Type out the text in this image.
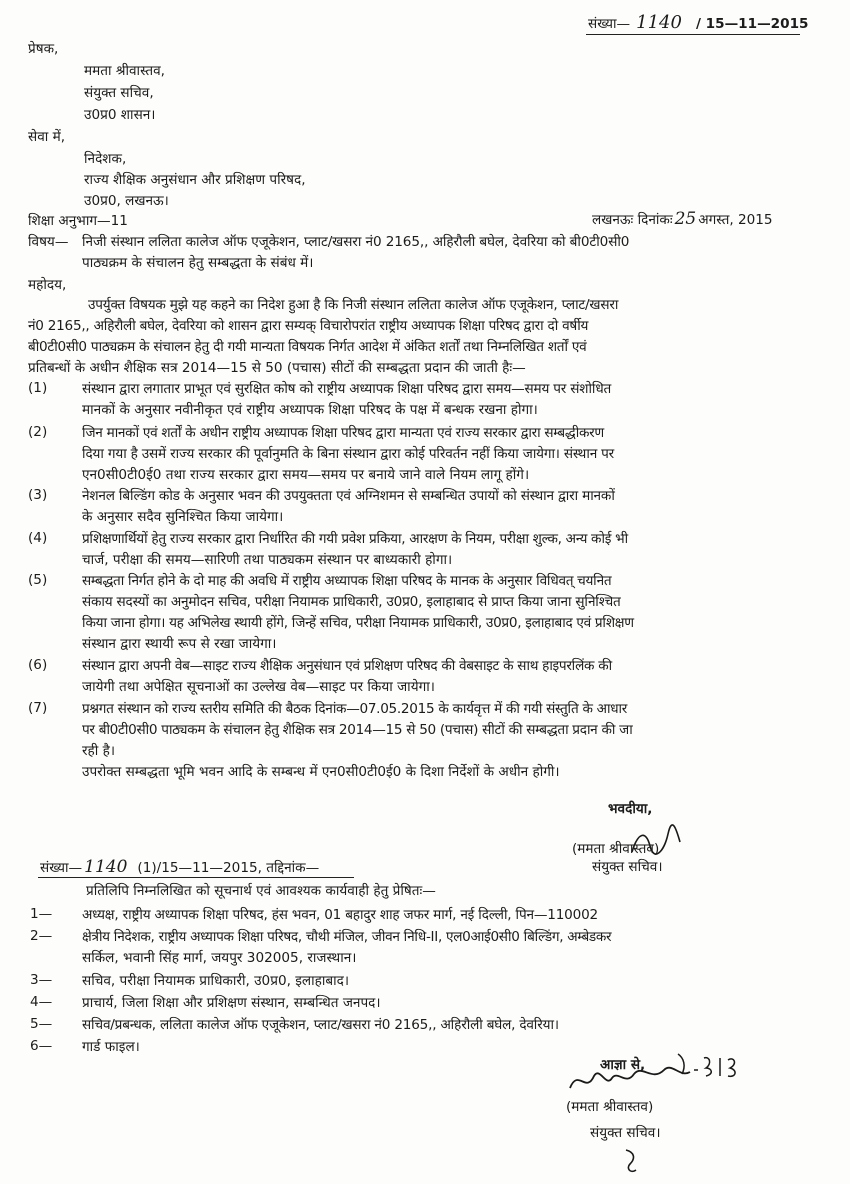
संख्या— 1140 / 15—11—2015
प्रेषक,
ममता श्रीवास्तव,
संयुक्त सचिव,
उ0प्र0 शासन।
सेवा में,
निदेशक,
राज्य शैक्षिक अनुसंधान और प्रशिक्षण परिषद,
उ0प्र0, लखनऊ।
शिक्षा अनुभाग—11	लखनऊः दिनांकः 25 अगस्त, 2015
विषय— निजी संस्थान ललिता कालेज ऑफ एजूकेशन, प्लाट/खसरा नं0 2165,, अहिरौली बघेल, देवरिया को बी0टी0सी0
पाठ्यक्रम के संचालन हेतु सम्बद्धता के संबंध में।
महोदय,
उपर्युक्त विषयक मुझे यह कहने का निदेश हुआ है कि निजी संस्थान ललिता कालेज ऑफ एजूकेशन, प्लाट/खसरा
नं0 2165,, अहिरौली बघेल, देवरिया को शासन द्वारा सम्यक् विचारोपरांत राष्ट्रीय अध्यापक शिक्षा परिषद द्वारा दो वर्षीय
बी0टी0सी0 पाठ्यक्रम के संचालन हेतु दी गयी मान्यता विषयक निर्गत आदेश में अंकित शर्तों तथा निम्नलिखित शर्तों एवं
प्रतिबन्धों के अधीन शैक्षिक सत्र 2014—15 से 50 (पचास) सीटों की सम्बद्धता प्रदान की जाती हैः—
(1)	संस्थान द्वारा लगातार प्राभूत एवं सुरक्षित कोष को राष्ट्रीय अध्यापक शिक्षा परिषद द्वारा समय—समय पर संशोधित
मानकों के अनुसार नवीनीकृत एवं राष्ट्रीय अध्यापक शिक्षा परिषद के पक्ष में बन्धक रखना होगा।
(2)	जिन मानकों एवं शर्तों के अधीन राष्ट्रीय अध्यापक शिक्षा परिषद द्वारा मान्यता एवं राज्य सरकार द्वारा सम्बद्धीकरण
दिया गया है उसमें राज्य सरकार की पूर्वानुमति के बिना संस्थान द्वारा कोई परिवर्तन नहीं किया जायेगा। संस्थान पर
एन0सी0टी0ई0 तथा राज्य सरकार द्वारा समय—समय पर बनाये जाने वाले नियम लागू होंगे।
(3)	नेशनल बिल्डिंग कोड के अनुसार भवन की उपयुक्तता एवं अग्निशमन से सम्बन्धित उपायों को संस्थान द्वारा मानकों
के अनुसार सदैव सुनिश्चित किया जायेगा।
(4)	प्रशिक्षणार्थियों हेतु राज्य सरकार द्वारा निर्धारित की गयी प्रवेश प्रकिया, आरक्षण के नियम, परीक्षा शुल्क, अन्य कोई भी
चार्ज, परीक्षा की समय—सारिणी तथा पाठ्यकम संस्थान पर बाध्यकारी होगा।
(5)	सम्बद्धता निर्गत होने के दो माह की अवधि में राष्ट्रीय अध्यापक शिक्षा परिषद के मानक के अनुसार विधिवत् चयनित
संकाय सदस्यों का अनुमोदन सचिव, परीक्षा नियामक प्राधिकारी, उ0प्र0, इलाहाबाद से प्राप्त किया जाना सुनिश्चित
किया जाना होगा। यह अभिलेख स्थायी होंगे, जिन्हें सचिव, परीक्षा नियामक प्राधिकारी, उ0प्र0, इलाहाबाद एवं प्रशिक्षण
संस्थान द्वारा स्थायी रूप से रखा जायेगा।
(6)	संस्थान द्वारा अपनी वेब—साइट राज्य शैक्षिक अनुसंधान एवं प्रशिक्षण परिषद की वेबसाइट के साथ हाइपरलिंक की
जायेगी तथा अपेक्षित सूचनाओं का उल्लेख वेब—साइट पर किया जायेगा।
(7)	प्रश्नगत संस्थान को राज्य स्तरीय समिति की बैठक दिनांक—07.05.2015 के कार्यवृत्त में की गयी संस्तुति के आधार
पर बी0टी0सी0 पाठ्यकम के संचालन हेतु शैक्षिक सत्र 2014—15 से 50 (पचास) सीटों की सम्बद्धता प्रदान की जा
रही है।
उपरोक्त सम्बद्धता भूमि भवन आदि के सम्बन्ध में एन0सी0टी0ई0 के दिशा निर्देशों के अधीन होगी।
भवदीया,
(ममता श्रीवास्तव)
संयुक्त सचिव।
संख्या— 1140 (1)/15—11—2015, तद्दिनांक—
प्रतिलिपि निम्नलिखित को सूचनार्थ एवं आवश्यक कार्यवाही हेतु प्रेषितः—
1— अध्यक्ष, राष्ट्रीय अध्यापक शिक्षा परिषद, हंस भवन, 01 बहादुर शाह जफर मार्ग, नई दिल्ली, पिन—110002
2— क्षेत्रीय निदेशक, राष्ट्रीय अध्यापक शिक्षा परिषद, चौथी मंजिल, जीवन निधि-II, एल0आई0सी0 बिल्डिंग, अम्बेडकर
सर्किल, भवानी सिंह मार्ग, जयपुर 302005, राजस्थान।
3— सचिव, परीक्षा नियामक प्राधिकारी, उ0प्र0, इलाहाबाद।
4— प्राचार्य, जिला शिक्षा और प्रशिक्षण संस्थान, सम्बन्धित जनपद।
5— सचिव/प्रबन्धक, ललिता कालेज ऑफ एजूकेशन, प्लाट/खसरा नं0 2165,, अहिरौली बघेल, देवरिया।
6— गार्ड फाइल।
आज्ञा से,
(ममता श्रीवास्तव)
संयुक्त सचिव।
